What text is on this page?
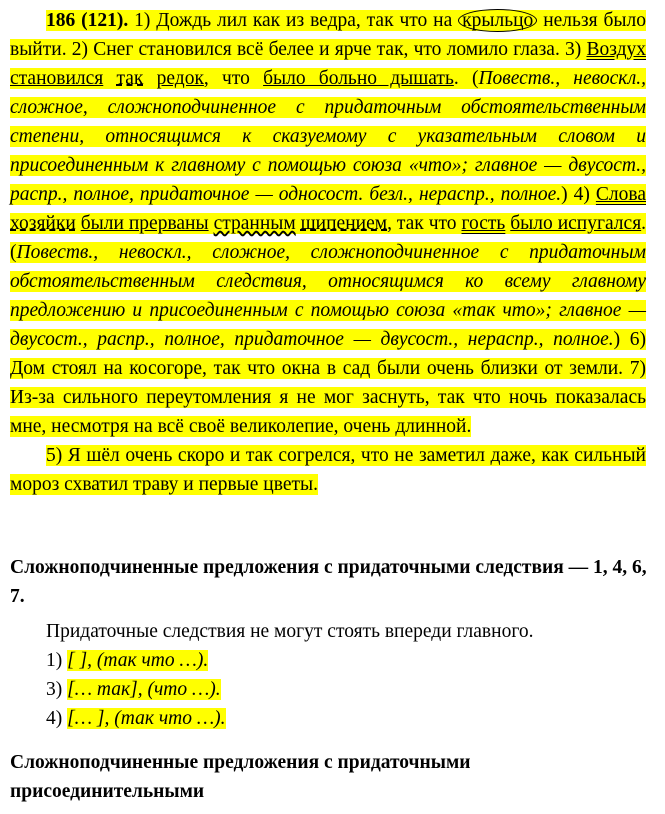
186 (121). 1) Дождь лил как из ведра, так что на крыльцо нельзя было выйти. 2) Снег становился всё белее и ярче так, что ломило глаза. 3) Воздух становился так редок, что было больно дышать. (Повеств., невоскл., сложное, сложноподчиненное с придаточным обстоятельственным степени, относящимся к сказуемому с указательным словом и присоединенным к главному с помощью союза «что»; главное — двусост., распр., полное, придаточное — односост. безл., нераспр., полное.) 4) Слова хозяйки были прерваны странным шипением, так что гость было испугался. (Повеств., невоскл., сложное, сложноподчиненное с придаточным обстоятельственным следствия, относящимся ко всему главному предложению и присоединенным с помощью союза «так что»; главное — двусост., распр., полное, придаточное — двусост., нераспр., полное.) 6) Дом стоял на косогоре, так что окна в сад были очень близки от земли. 7) Из-за сильного переутомления я не мог заснуть, так что ночь показалась мне, несмотря на всё своё великолепие, очень длинной.

5) Я шёл очень скоро и так согрелся, что не заметил даже, как сильный мороз схватил траву и первые цветы.

Сложноподчиненные предложения с придаточными следствия — 1, 4, 6, 7.
Придаточные следствия не могут стоять впереди главного.
1) [ ], (так что …).
3) [… так], (что …).
4) [… ], (так что …).
Сложноподчиненные предложения с придаточными присоединительными
